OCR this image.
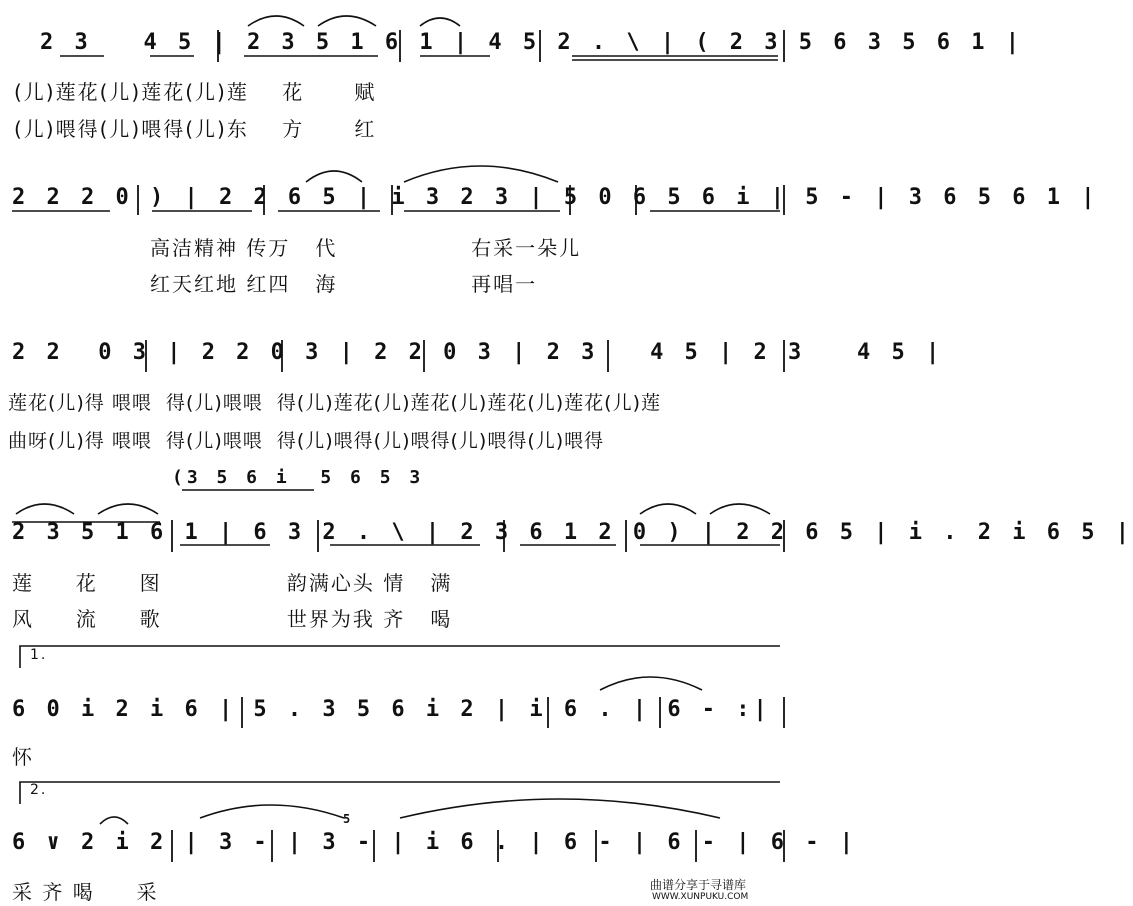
2 3   4 5 | 2 3 5 1 6 1 | 4 5 2 . \ | ( 2 3 5 6 3 5 6 1 |
(儿)莲花(儿)莲花(儿)莲    花      赋
(儿)喂得(儿)喂得(儿)东    方      红
2 2 2 0 ) | 2 2 6 5 | i 3 2 3 | 5 0 6 5 6 i | 5 - | 3 6 5 6 1 |
高洁精神 传万   代                右采一朵儿
红天红地 红四   海                再唱一
2 2  0 3 | 2 2 0 3 | 2 2 0 3 | 2 3   4 5 | 2 3   4 5 |
莲花(儿)得 喂喂  得(儿)喂喂  得(儿)莲花(儿)莲花(儿)莲花(儿)莲花(儿)莲
曲呀(儿)得 喂喂  得(儿)喂喂  得(儿)喂得(儿)喂得(儿)喂得(儿)喂得
(3 5 6 i  5 6 5 3
2 3 5 1 6 1 | 6 3 2 . \ | 2 3 6 1 2 0 ) | 2 2 6 5 | i . 2 i 6 5 |
莲     花     图               韵满心头 情   满
风     流     歌               世界为我 齐   喝
1.
6 0 i 2 i 6 | 5 . 3 5 6 i 2 | i 6 . | 6 - :|
怀
2.
6 ∨ 2 i 2 | 3 - | 3 - | i 6 . | 6 - | 6 - | 6 - |
5
采 齐 喝     采	曲谱分享于寻谱库
WWW.XUNPUKU.COM
